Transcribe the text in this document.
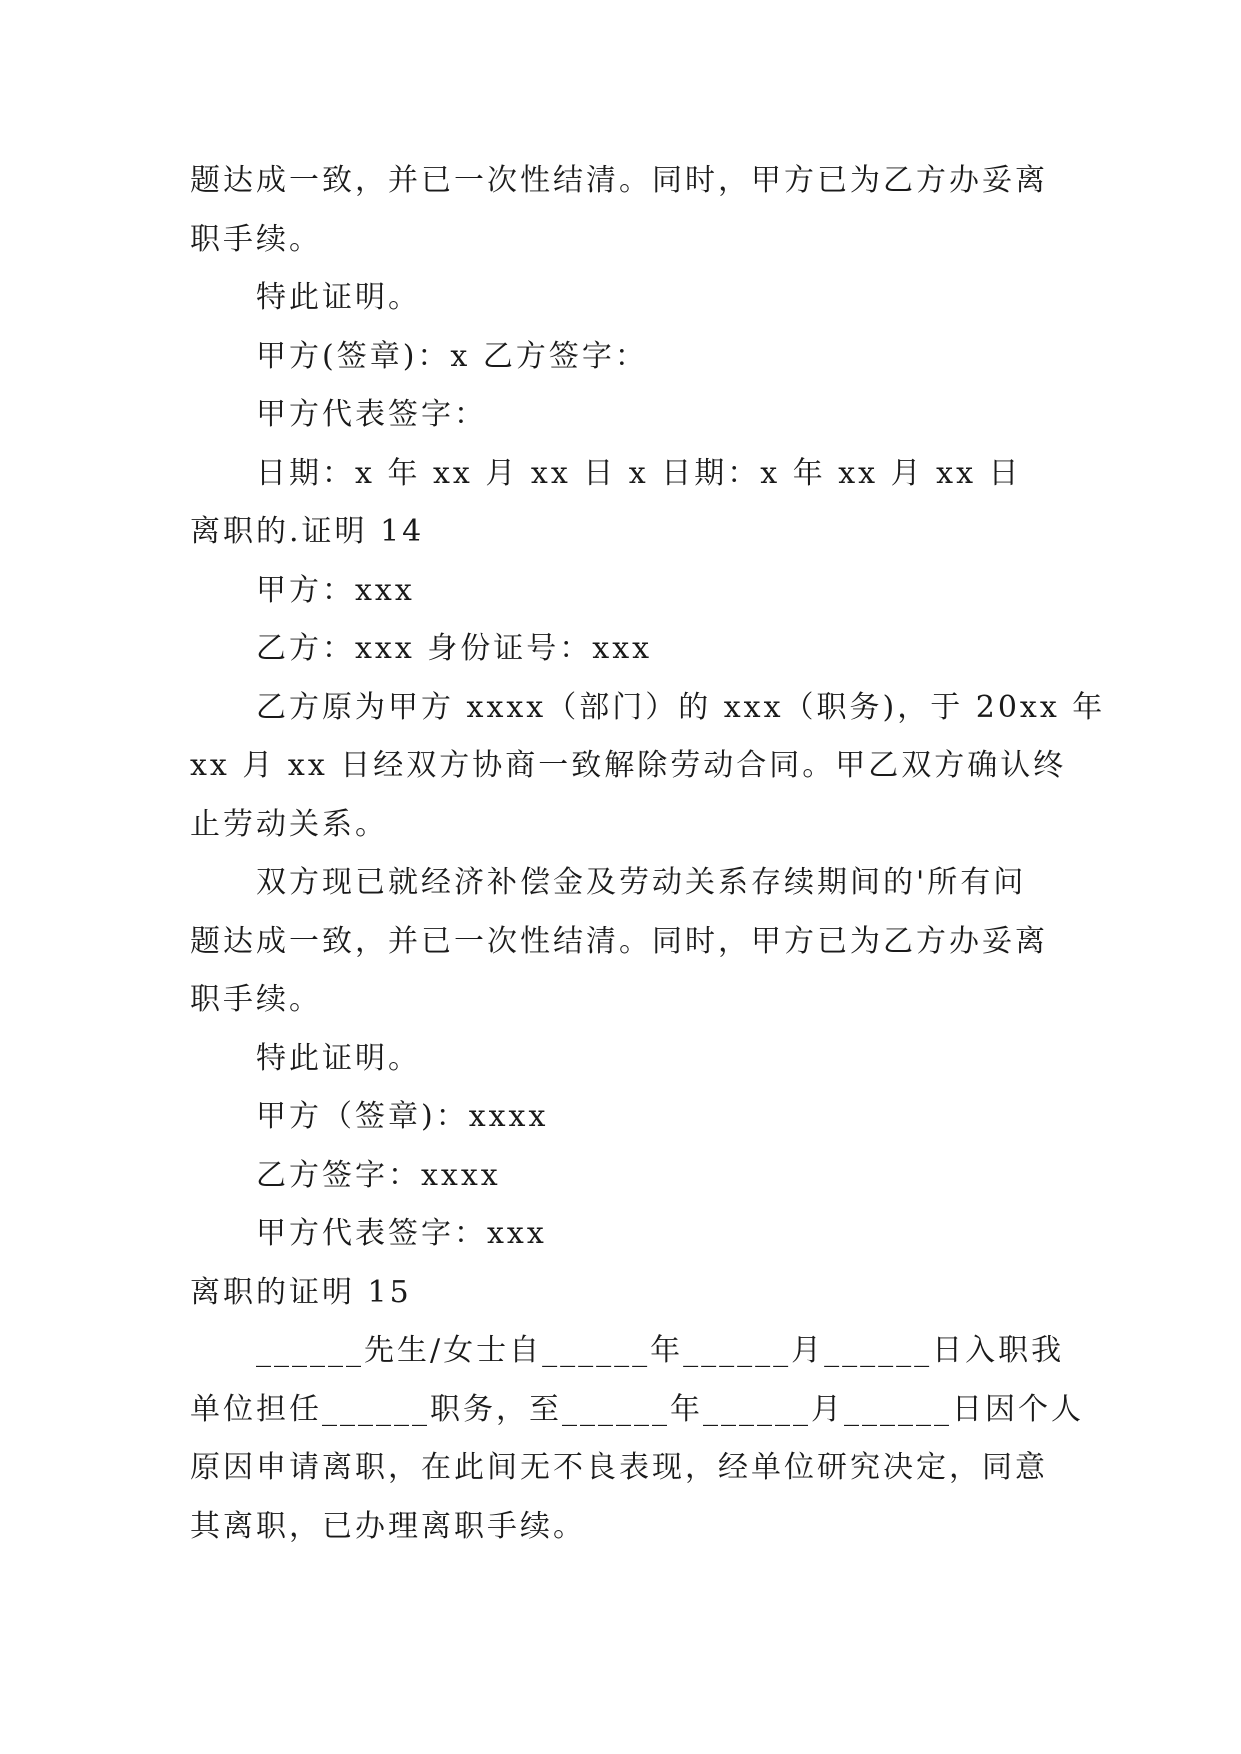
题达成一致，并已一次性结清。同时，甲方已为乙方办妥离
职手续。
特此证明。
甲方(签章)：x 乙方签字：
甲方代表签字：
日期：x 年 xx 月 xx 日 x 日期：x 年 xx 月 xx 日
离职的.证明 14
甲方：xxx
乙方：xxx 身份证号：xxx
乙方原为甲方 xxxx（部门）的 xxx（职务)，于 20xx 年
xx 月 xx 日经双方协商一致解除劳动合同。甲乙双方确认终
止劳动关系。
双方现已就经济补偿金及劳动关系存续期间的'所有问
题达成一致，并已一次性结清。同时，甲方已为乙方办妥离
职手续。
特此证明。
甲方（签章)：xxxx
乙方签字：xxxx
甲方代表签字：xxx
离职的证明 15
______先生/女士自______年______月______日入职我
单位担任______职务，至______年______月______日因个人
原因申请离职，在此间无不良表现，经单位研究决定，同意
其离职，已办理离职手续。
